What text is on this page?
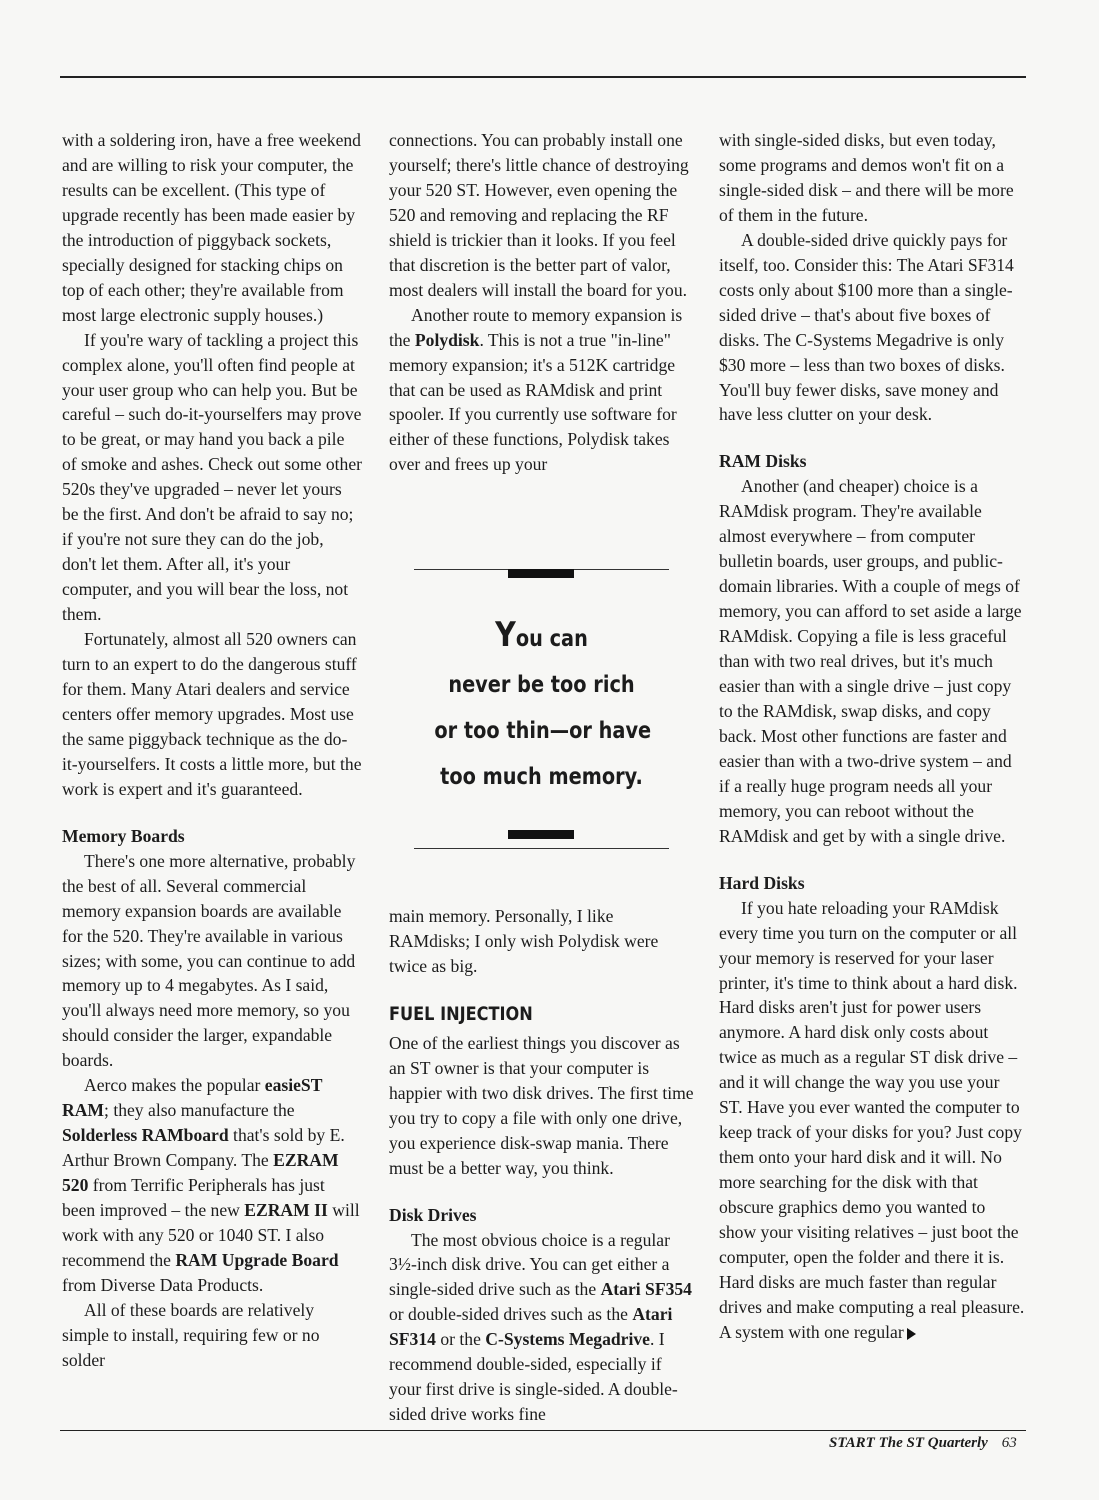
with a soldering iron, have a free weekend and are willing to risk your computer, the results can be excellent. (This type of upgrade recently has been made easier by the introduction of piggyback sockets, specially designed for stacking chips on top of each other; they're available from most large electronic supply houses.)

If you're wary of tackling a project this complex alone, you'll often find people at your user group who can help you. But be careful – such do-it-yourselfers may prove to be great, or may hand you back a pile of smoke and ashes. Check out some other 520s they've upgraded – never let yours be the first. And don't be afraid to say no; if you're not sure they can do the job, don't let them. After all, it's your computer, and you will bear the loss, not them.

Fortunately, almost all 520 owners can turn to an expert to do the dangerous stuff for them. Many Atari dealers and service centers offer memory upgrades. Most use the same piggyback technique as the do-it-yourselfers. It costs a little more, but the work is expert and it's guaranteed.

Memory Boards

There's one more alternative, probably the best of all. Several commercial memory expansion boards are available for the 520. They're available in various sizes; with some, you can continue to add memory up to 4 megabytes. As I said, you'll always need more memory, so you should consider the larger, expandable boards.

Aerco makes the popular easieST RAM; they also manufacture the Solderless RAMboard that's sold by E. Arthur Brown Company. The EZRAM 520 from Terrific Peripherals has just been improved – the new EZRAM II will work with any 520 or 1040 ST. I also recommend the RAM Upgrade Board from Diverse Data Products.

All of these boards are relatively simple to install, requiring few or no solder

connections. You can probably install one yourself; there's little chance of destroying your 520 ST. However, even opening the 520 and removing and replacing the RF shield is trickier than it looks. If you feel that discretion is the better part of valor, most dealers will install the board for you.

Another route to memory expansion is the Polydisk. This is not a true "in-line" memory expansion; it's a 512K cartridge that can be used as RAMdisk and print spooler. If you currently use software for either of these functions, Polydisk takes over and frees up your

main memory. Personally, I like RAMdisks; I only wish Polydisk were twice as big.

FUEL INJECTION

One of the earliest things you discover as an ST owner is that your computer is happier with two disk drives. The first time you try to copy a file with only one drive, you experience disk-swap mania. There must be a better way, you think.

Disk Drives

The most obvious choice is a regular 3½-inch disk drive. You can get either a single-sided drive such as the Atari SF354 or double-sided drives such as the Atari SF314 or the C-Systems Megadrive. I recommend double-sided, especially if your first drive is single-sided. A double-sided drive works fine

You can
never be too rich
or too thin—or have
too much memory.

with single-sided disks, but even today, some programs and demos won't fit on a single-sided disk – and there will be more of them in the future.

A double-sided drive quickly pays for itself, too. Consider this: The Atari SF314 costs only about $100 more than a single-sided drive – that's about five boxes of disks. The C-Systems Megadrive is only $30 more – less than two boxes of disks. You'll buy fewer disks, save money and have less clutter on your desk.

RAM Disks

Another (and cheaper) choice is a RAMdisk program. They're available almost everywhere – from computer bulletin boards, user groups, and public-domain libraries. With a couple of megs of memory, you can afford to set aside a large RAMdisk. Copying a file is less graceful than with two real drives, but it's much easier than with a single drive – just copy to the RAMdisk, swap disks, and copy back. Most other functions are faster and easier than with a two-drive system – and if a really huge program needs all your memory, you can reboot without the RAMdisk and get by with a single drive.

Hard Disks

If you hate reloading your RAMdisk every time you turn on the computer or all your memory is reserved for your laser printer, it's time to think about a hard disk. Hard disks aren't just for power users anymore. A hard disk only costs about twice as much as a regular ST disk drive – and it will change the way you use your ST. Have you ever wanted the computer to keep track of your disks for you? Just copy them onto your hard disk and it will. No more searching for the disk with that obscure graphics demo you wanted to show your visiting relatives – just boot the computer, open the folder and there it is. Hard disks are much faster than regular drives and make computing a real pleasure. A system with one regular

START The ST Quarterly 63
